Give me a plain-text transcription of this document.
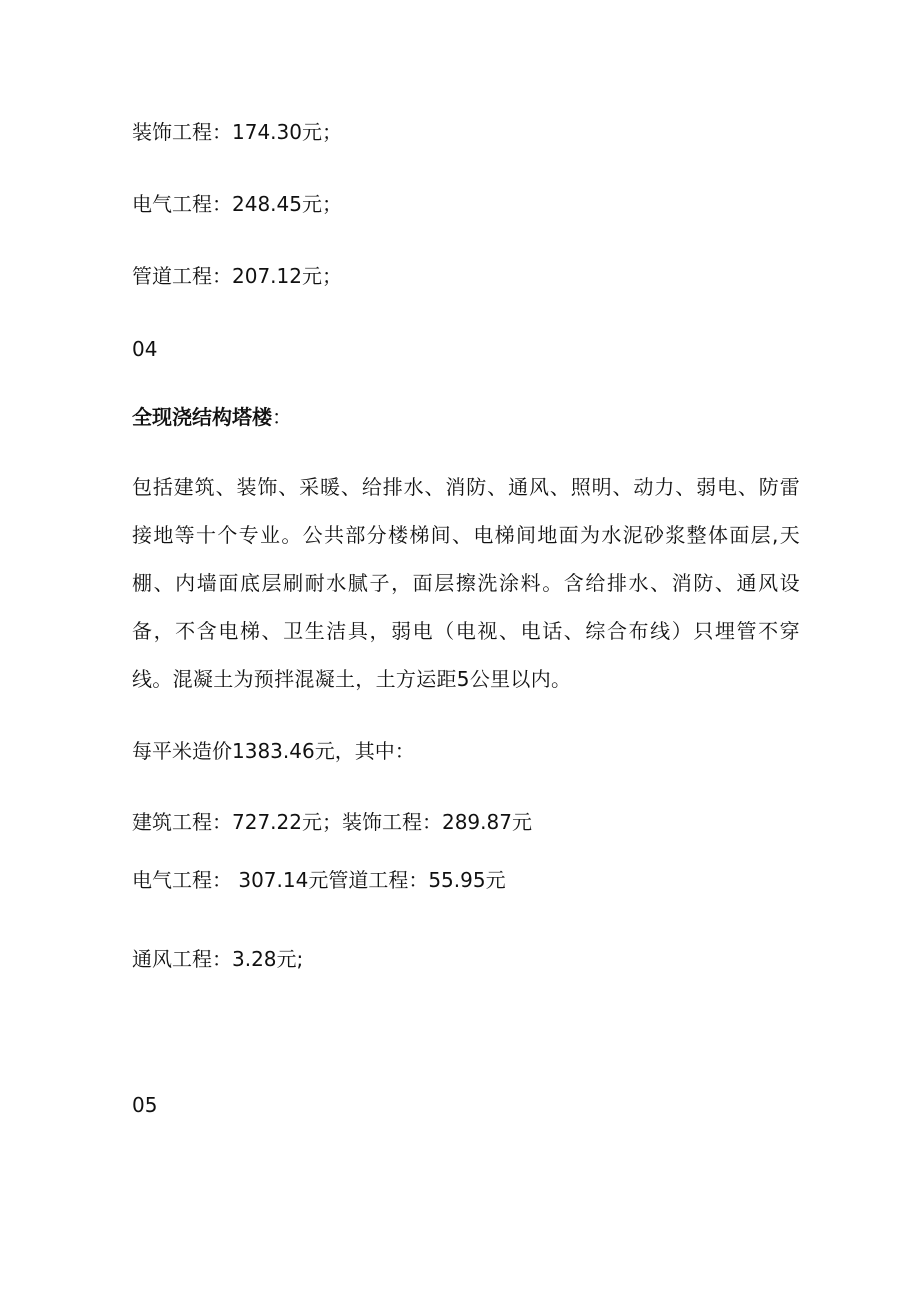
装饰工程：174.30元；
电气工程：248.45元；
管道工程：207.12元；
04
全现浇结构塔楼：
包括建筑、装饰、采暖、给排水、消防、通风、照明、动力、弱电、防雷接地等十个专业。公共部分楼梯间、电梯间地面为水泥砂浆整体面层,天棚、内墙面底层刷耐水腻子，面层擦洗涂料。含给排水、消防、通风设备，不含电梯、卫生洁具，弱电（电视、电话、综合布线）只埋管不穿线。混凝土为预拌混凝土，土方运距5公里以内。
每平米造价1383.46元，其中：
建筑工程：727.22元；装饰工程：289.87元
电气工程： 307.14元管道工程：55.95元
通风工程：3.28元;
05
